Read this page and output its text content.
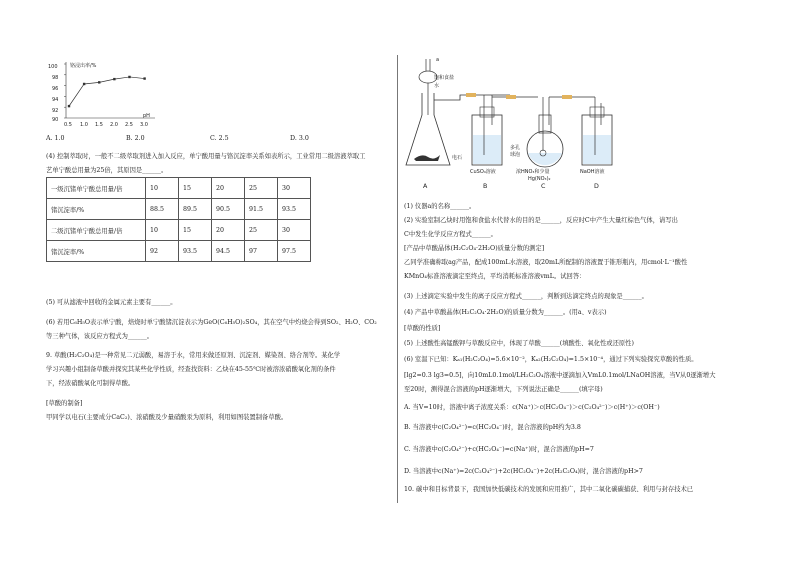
铬浸出率/%
pH
100
98
96
94
92
90
0.5 1.0 1.5 2.0 2.5 3.0
A. 1.0	B. 2.0	C. 2.5	D. 3.0
(4) 控制萃取时，一般不二级萃取剂进入加入反应，单宁酸用量与铬沉淀率关系如表所示，工业常用二级溶液萃取工
艺单宁酸总用量为25倍，其原因是______。
一级沉锗单宁酸总用量/倍	10	15	20	25	30
锗沉淀率/%	88.5	89.5	90.5	91.5	93.5
二级沉锗单宁酸总用量/倍	10	15	20	25	30
锗沉淀率/%	92	93.5	94.5	97	97.5
(5) 可从滤液中回收的金属元素主要有______。
(6) 若用C₆H₅O表示单宁酸，焙烧时单宁酸锗沉淀表示为GeO(C₆H₅O)₂SO₄，其在空气中灼烧会得到SO₂、H₂O、CO₂
等三种气体，该反应方程式为______。
9. 草酸(H₂C₂O₄)是一种常见二元弱酸，易溶于水，常用来做还原剂、沉淀剂、媒染剂、络合剂等。某化学
学习兴趣小组制备草酸并探究其某些化学性质，经查找资料：乙炔在45-55℃时被溶浓硝酸氧化剂的条件
下，经浓硝酸氧化可制得草酸。
[草酸的制备]
甲同学以电石(主要成分CaC₂)、浓硝酸及少量硝酸汞为原料，利用如图装置制备草酸。
a
饱和食盐水
电石
CuSO₄溶液
多孔
球泡
浓HNO₃和少量
Hg(NO₃)₂
NaOH溶液
A	B	C	D
(1) 仪器a的名称______。
(2) 实验室制乙炔时用饱和食盐水代替水的目的是______，反应时C中产生大量红棕色气体，请写出
C中发生化学反应方程式______。
[产品中草酸晶体(H₂C₂O₄·2H₂O)质量分数的测定]
乙同学准确称取ag产品，配成100mL水溶液，取20mL所配制的溶液置于锥形瓶内，用cmol·L⁻¹酸性
KMnO₄标准溶液滴定至终点，平均消耗标准溶液vmL。试回答：
(3) 上述滴定实验中发生的离子反应方程式______，判断到达滴定终点的现象是______。
(4) 产品中草酸晶体(H₂C₂O₄·2H₂O)的质量分数为______。(用a、v表示)
[草酸的性质]
(5) 上述酸性高锰酸钾与草酸反应中，体现了草酸______(填酸性、氧化性或还原性)
(6) 室温下已知：Kₐ₁(H₂C₂O₄)=5.6×10⁻²，Kₐ₂(H₂C₂O₄)=1.5×10⁻⁴，通过下列实验探究草酸的性质。
[lg2=0.3 lg3=0.5]，向10mL0.1mol/LH₂C₂O₄溶液中逐滴加入VmL0.1mol/LNaOH溶液，当V从0逐渐增大
至20时，测得混合溶液的pH逐渐增大，下列说法正确是______(填字母)
A. 当V=10时，溶液中离子浓度关系：c(Na⁺)＞c(HC₂O₄⁻)＞c(C₂O₄²⁻)＞c(H⁺)＞c(OH⁻)
B. 当溶液中c(C₂O₄²⁻)=c(HC₂O₄⁻)时，混合溶液的pH约为3.8
C. 当溶液中c(C₂O₄²⁻)+c(HC₂O₄⁻)=c(Na⁺)时，混合溶液的pH=7
D. 当溶液中c(Na⁺)=2c(C₂O₄²⁻)+2c(HC₂O₄⁻)+2c(H₂C₂O₄)时，混合溶液的pH>7
10. 碳中和目标背景下，我国加快低碳技术的发展和应用推广，其中二氧化碳碳捕获、利用与封存技术已
